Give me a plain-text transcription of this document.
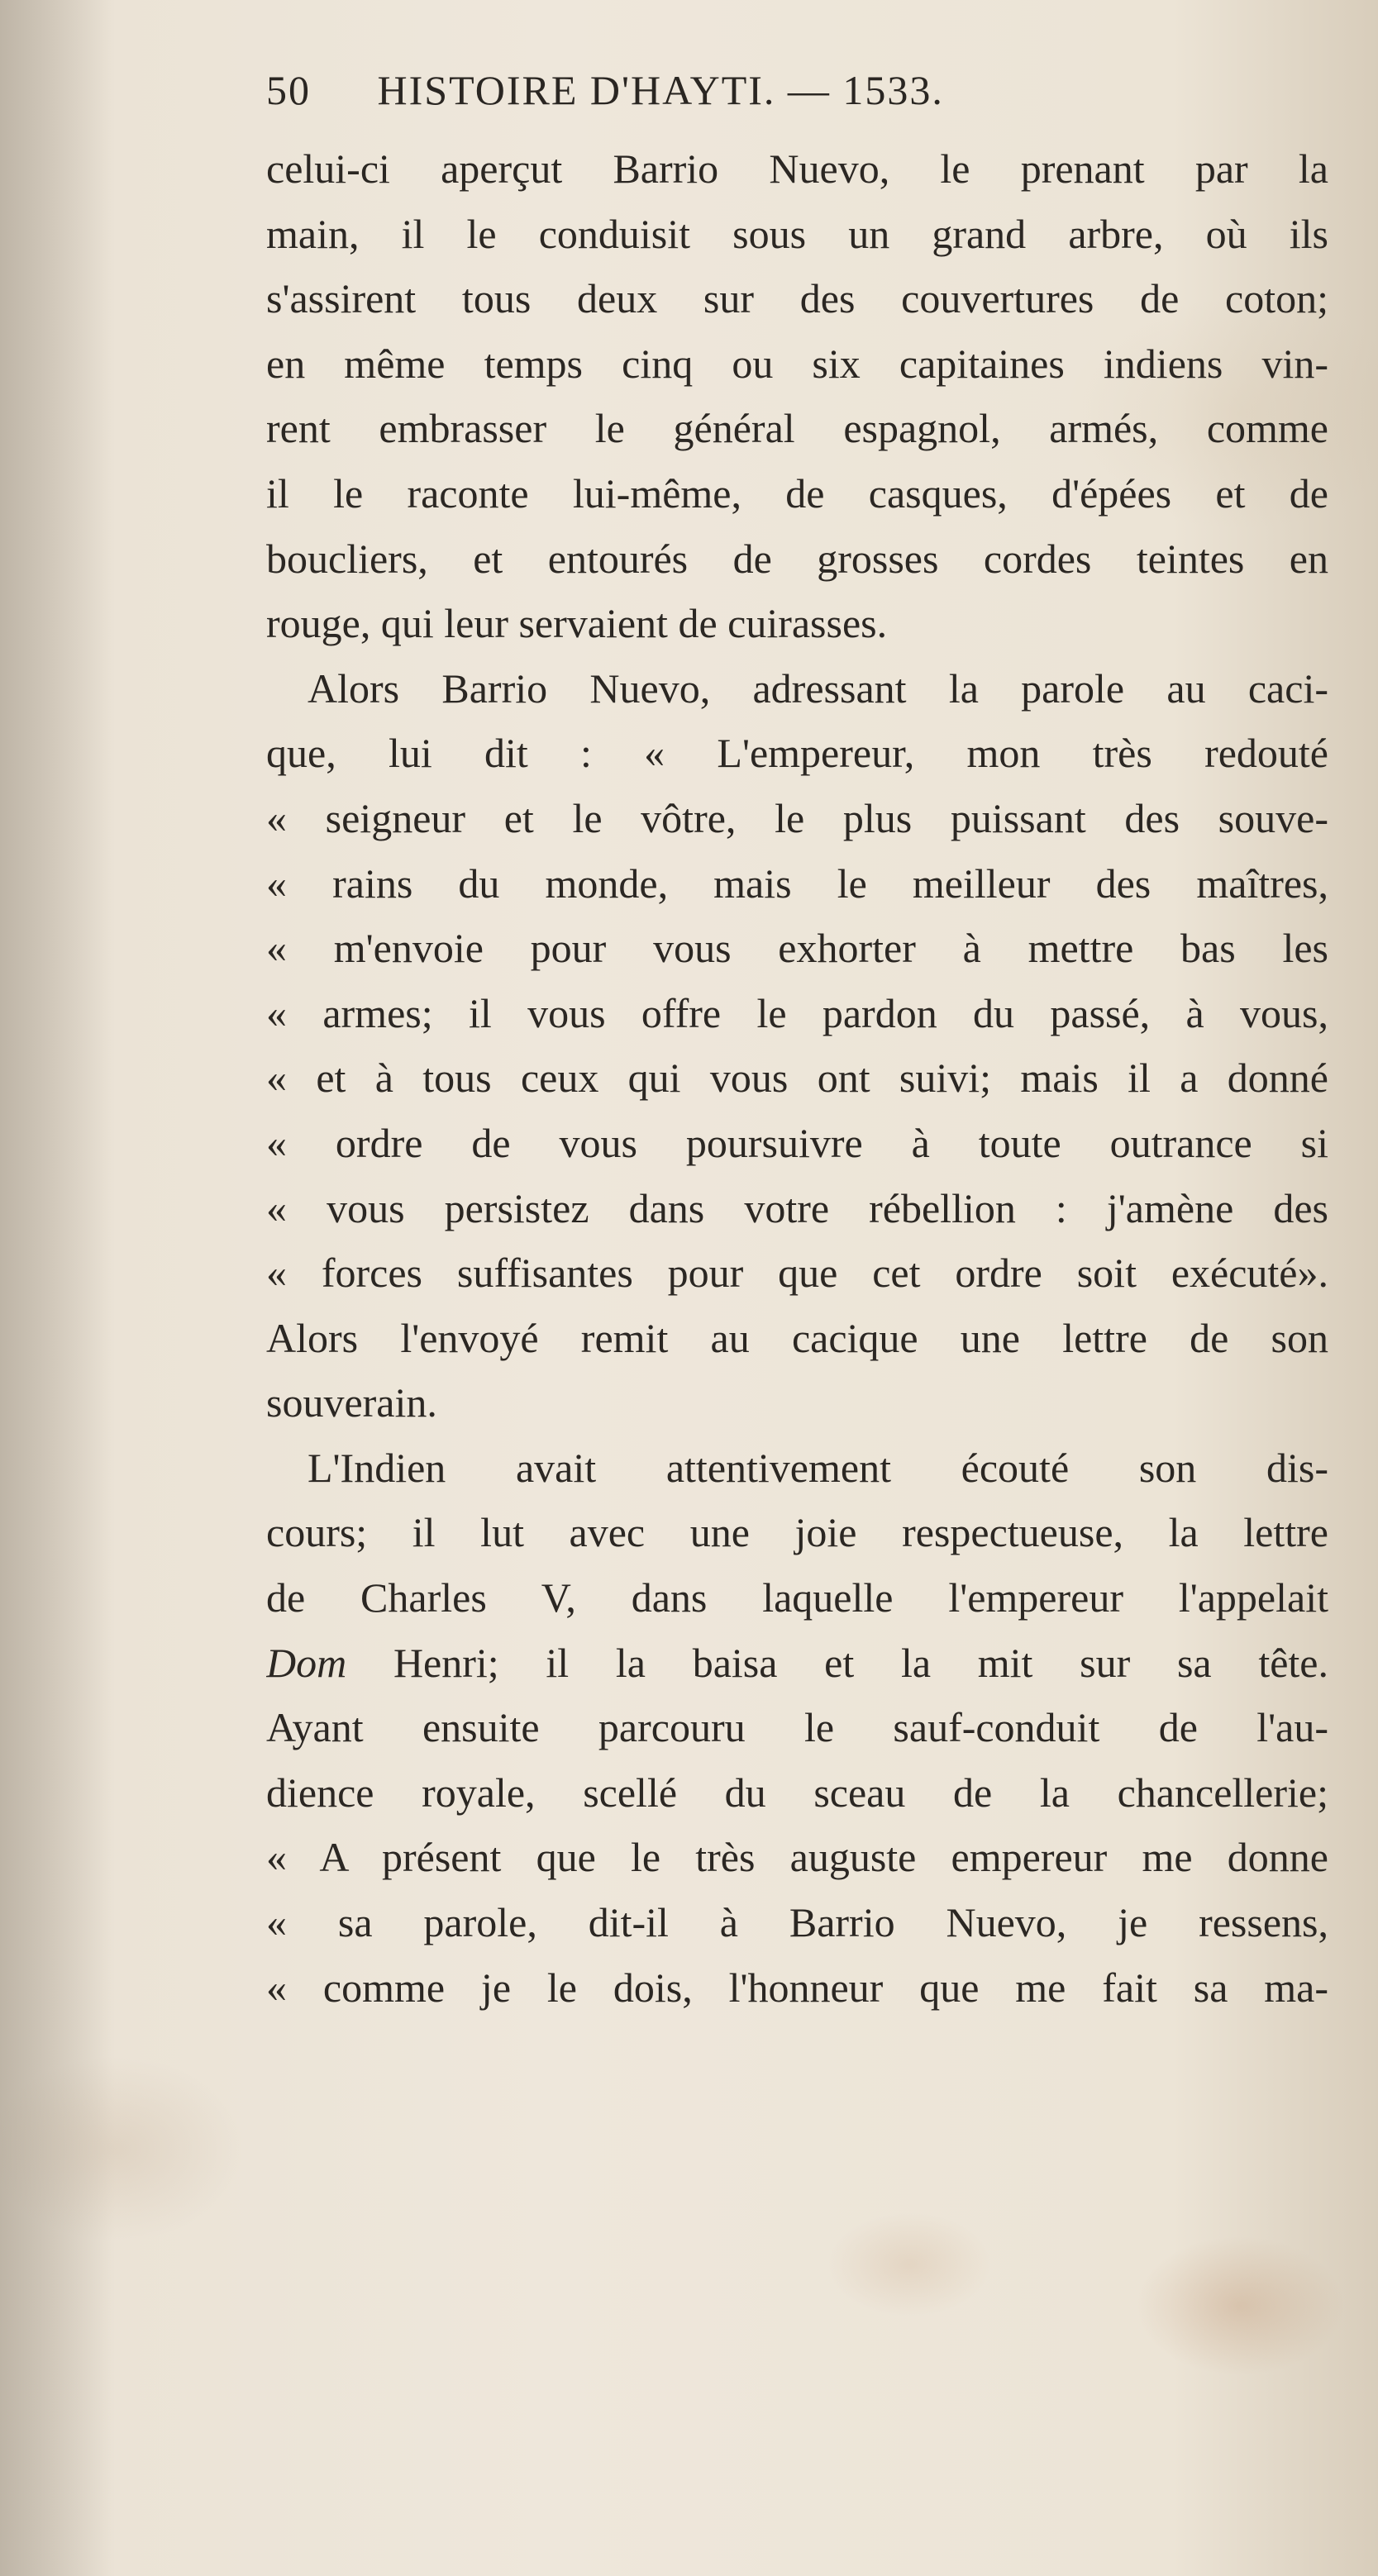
50 HISTOIRE D'HAYTI. — 1533.
celui-ci aperçut Barrio Nuevo, le prenant par la
main, il le conduisit sous un grand arbre, où ils
s'assirent tous deux sur des couvertures de coton;
en même temps cinq ou six capitaines indiens vin-
rent embrasser le général espagnol, armés, comme
il le raconte lui-même, de casques, d'épées et de
boucliers, et entourés de grosses cordes teintes en
rouge, qui leur servaient de cuirasses.
Alors Barrio Nuevo, adressant la parole au caci-
que, lui dit : « L'empereur, mon très redouté
« seigneur et le vôtre, le plus puissant des souve-
« rains du monde, mais le meilleur des maîtres,
« m'envoie pour vous exhorter à mettre bas les
« armes; il vous offre le pardon du passé, à vous,
« et à tous ceux qui vous ont suivi; mais il a donné
« ordre de vous poursuivre à toute outrance si
« vous persistez dans votre rébellion : j'amène des
« forces suffisantes pour que cet ordre soit exécuté».
Alors l'envoyé remit au cacique une lettre de son
souverain.
L'Indien avait attentivement écouté son dis-
cours; il lut avec une joie respectueuse, la lettre
de Charles V, dans laquelle l'empereur l'appelait
Dom Henri; il la baisa et la mit sur sa tête.
Ayant ensuite parcouru le sauf-conduit de l'au-
dience royale, scellé du sceau de la chancellerie;
« A présent que le très auguste empereur me donne
« sa parole, dit-il à Barrio Nuevo, je ressens,
« comme je le dois, l'honneur que me fait sa ma-
